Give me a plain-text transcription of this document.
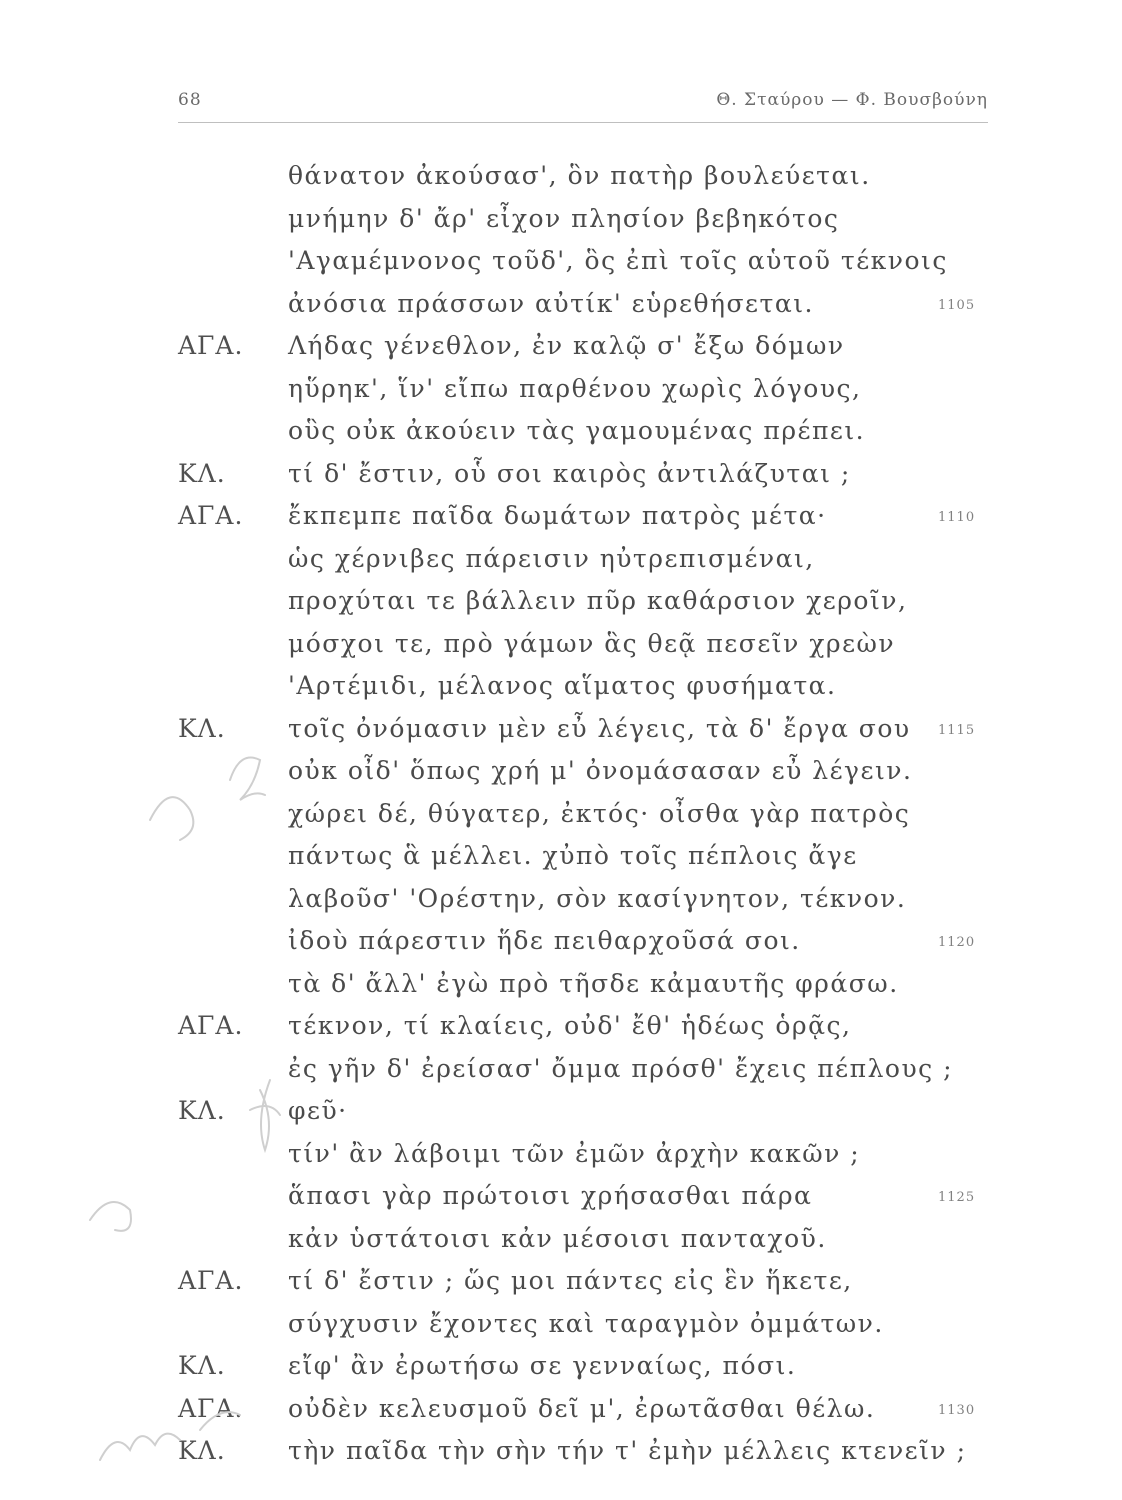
68	Θ. Σταύρου — Φ. Βουσβούνη
θάνατον ἀκούσασ', ὃν πατὴρ βουλεύεται.
μνήμην δ' ἄρ' εἶχον πλησίον βεβηκότος
'Αγαμέμνονος τοῦδ', ὃς ἐπὶ τοῖς αὑτοῦ τέκνοις
ἀνόσια πράσσων αὐτίκ' εὑρεθήσεται.	1105
ΑΓΑ. Λήδας γένεθλον, ἐν καλῷ σ' ἔξω δόμων
ηὕρηκ', ἵν' εἴπω παρθένου χωρὶς λόγους,
οὓς οὐκ ἀκούειν τὰς γαμουμένας πρέπει.
ΚΛ. τί δ' ἔστιν, οὗ σοι καιρὸς ἀντιλάζυται ;
ΑΓΑ. ἔκπεμπε παῖδα δωμάτων πατρὸς μέτα·	1110
ὡς χέρνιβες πάρεισιν ηὐτρεπισμέναι,
προχύται τε βάλλειν πῦρ καθάρσιον χεροῖν,
μόσχοι τε, πρὸ γάμων ἃς θεᾷ πεσεῖν χρεὼν
'Αρτέμιδι, μέλανος αἵματος φυσήματα.
ΚΛ. τοῖς ὀνόμασιν μὲν εὖ λέγεις, τὰ δ' ἔργα σου 1115
οὐκ οἶδ' ὅπως χρή μ' ὀνομάσασαν εὖ λέγειν.
χώρει δέ, θύγατερ, ἐκτός· οἶσθα γὰρ πατρὸς
πάντως ἃ μέλλει. χὐπὸ τοῖς πέπλοις ἄγε
λαβοῦσ' 'Ορέστην, σὸν κασίγνητον, τέκνον.
ἰδοὺ πάρεστιν ἥδε πειθαρχοῦσά σοι.	1120
τὰ δ' ἄλλ' ἐγὼ πρὸ τῆσδε κἀμαυτῆς φράσω.
ΑΓΑ. τέκνον, τί κλαίεις, οὐδ' ἔθ' ἡδέως ὁρᾷς,
ἐς γῆν δ' ἐρείσασ' ὄμμα πρόσθ' ἔχεις πέπλους ;
ΚΛ. φεῦ·
τίν' ἂν λάβοιμι τῶν ἐμῶν ἀρχὴν κακῶν ;
ἅπασι γὰρ πρώτοισι χρήσασθαι πάρα	1125
κἀν ὑστάτοισι κἀν μέσοισι πανταχοῦ.
ΑΓΑ. τί δ' ἔστιν ; ὥς μοι πάντες εἰς ἓν ἥκετε,
σύγχυσιν ἔχοντες καὶ ταραγμὸν ὀμμάτων.
ΚΛ. εἴφ' ἂν ἐρωτήσω σε γενναίως, πόσι.
ΑΓΑ. οὐδὲν κελευσμοῦ δεῖ μ', ἐρωτᾶσθαι θέλω.	1130
ΚΛ. τὴν παῖδα τὴν σὴν τήν τ' ἐμὴν μέλλεις κτενεῖν ;
